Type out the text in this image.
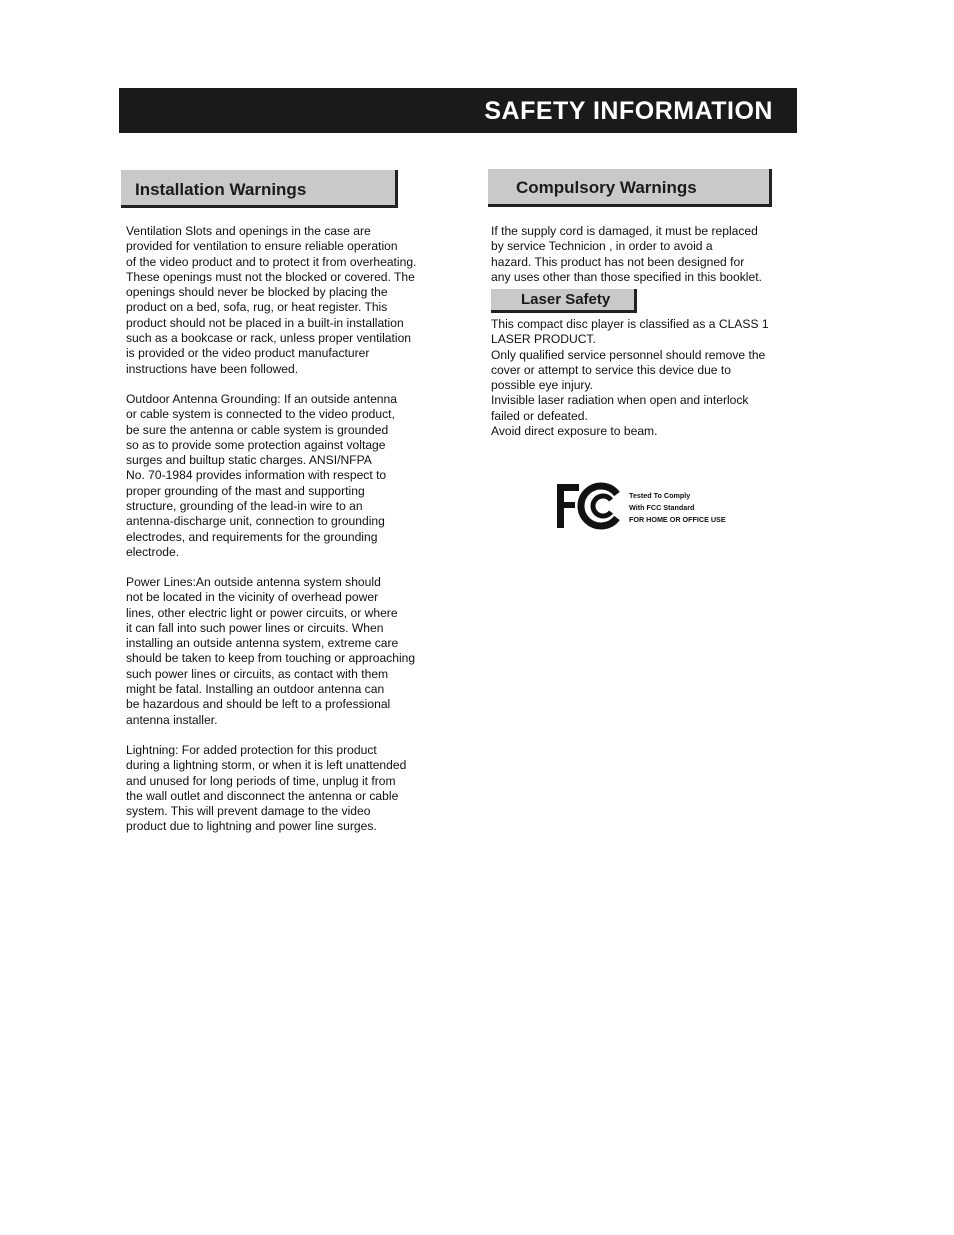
SAFETY INFORMATION
Installation Warnings	Compulsory Warnings
Laser Safety
Ventilation Slots and openings in the case are
provided for ventilation to ensure reliable operation
of the video product and to protect it from overheating.
These openings must not the blocked or covered. The
openings should never be blocked by placing the
product on a bed, sofa, rug, or heat register. This
product should not be placed in a built-in installation
such as a bookcase or rack, unless proper ventilation
is provided or the video product manufacturer
instructions have been followed.
Outdoor Antenna Grounding: If an outside antenna
or cable system is connected to the video product,
be sure the antenna or cable system is grounded
so as to provide some protection against voltage
surges and builtup static charges. ANSI/NFPA
No. 70-1984 provides information with respect to
proper grounding of the mast and supporting
structure, grounding of the lead-in wire to an
antenna-discharge unit, connection to grounding
electrodes, and requirements for the grounding
electrode.
Power Lines:An outside antenna system should
not be located in the vicinity of overhead power
lines, other electric light or power circuits, or where
it can fall into such power lines or circuits. When
installing an outside antenna system, extreme care
should be taken to keep from touching or approaching
such power lines or circuits, as contact with them
might be fatal. Installing an outdoor antenna can
be hazardous and should be left to a professional
antenna installer.
Lightning: For added protection for this product
during a lightning storm, or when it is left unattended
and unused for long periods of time, unplug it from
the wall outlet and disconnect the antenna or cable
system. This will prevent damage to the video
product due to lightning and power line surges.
If the supply cord is damaged, it must be replaced
by service Technicion , in order to avoid a
hazard. This product has not been designed for
any uses other than those specified in this booklet.
This compact disc player is classified as a CLASS 1
LASER PRODUCT.
Only qualified service personnel should remove the
cover or attempt to service this device due to
possible eye injury.
Invisible laser radiation when open and interlock
failed or defeated.
Avoid direct exposure to beam.
Tested To Comply
With FCC Standard
FOR HOME OR OFFICE USE
